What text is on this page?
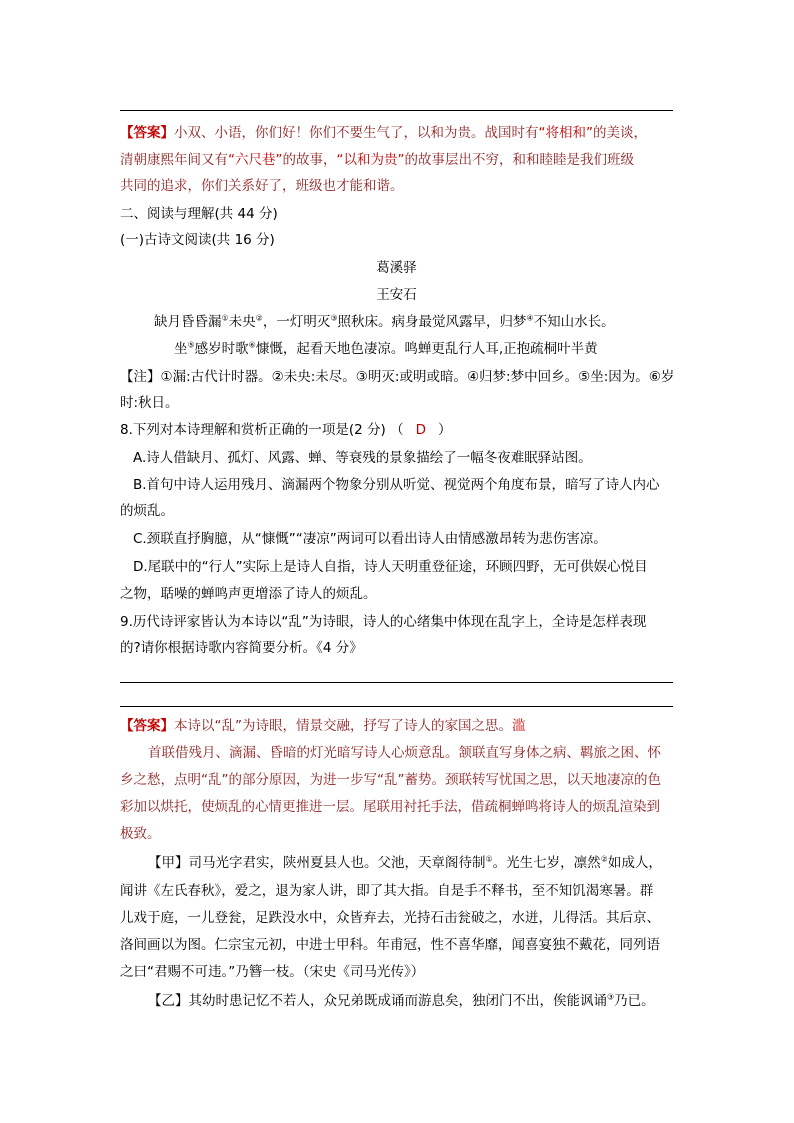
【答案】小双、小语，你们好！你们不要生气了，以和为贵。战国时有“将相和”的美谈，
清朝康熙年间又有“六尺巷”的故事，“以和为贵”的故事层出不穷，和和睦睦是我们班级
共同的追求，你们关系好了，班级也才能和谐。
二、阅读与理解(共 44 分)
(一)古诗文阅读(共 16 分)
葛溪驿
王安石
缺月昏昏漏①未央②，一灯明灭③照秋床。病身最觉风露早，归梦④不知山水长。
坐⑤感岁时歌⑥慷慨，起看天地色凄凉。鸣蝉更乱行人耳,正抱疏桐叶半黄
【注】①漏:古代计时器。②未央:未尽。③明灭:或明或暗。④归梦:梦中回乡。⑤坐:因为。⑥岁
时:秋日。
8.下列对本诗理解和赏析正确的一项是(2 分) （ D ）
A.诗人借缺月、孤灯、风露、蝉、等衰残的景象描绘了一幅冬夜难眠驿站图。
B.首句中诗人运用残月、滴漏两个物象分别从听觉、视觉两个角度布景，暗写了诗人内心
的烦乱。
C.颈联直抒胸臆，从“慷慨”“凄凉”两词可以看出诗人由情感激昂转为悲伤害凉。
D.尾联中的“行人”实际上是诗人自指，诗人天明重登征途，环顾四野，无可供娱心悦目
之物，聒噪的蝉鸣声更增添了诗人的烦乱。
9.历代诗评家皆认为本诗以“乱”为诗眼，诗人的心绪集中体现在乱字上，全诗是怎样表现
的?请你根据诗歌内容简要分析。《4 分》
【答案】本诗以“乱”为诗眼，情景交融，抒写了诗人的家国之思。滥
首联借残月、滴漏、昏暗的灯光暗写诗人心烦意乱。颔联直写身体之病、羁旅之困、怀
乡之愁，点明“乱”的部分原因，为进一步写“乱”蓄势。颈联转写忧国之思，以天地凄凉的色
彩加以烘托，使烦乱的心情更推进一层。尾联用衬托手法，借疏桐蝉鸣将诗人的烦乱渲染到
极致。
【甲】司马光字君实，陕州夏县人也。父池，天章阁待制①。光生七岁，凛然②如成人，
闻讲《左氏春秋》，爱之，退为家人讲，即了其大指。自是手不释书，至不知饥渴寒暑。群
儿戏于庭，一儿登瓮，足跌没水中，众皆弃去，光持石击瓮破之，水迸，儿得活。其后京、
洛间画以为图。仁宗宝元初，中进士甲科。年甫冠，性不喜华靡，闻喜宴独不戴花，同列语
之曰“君赐不可违。”乃簪一枝。（宋史《司马光传》）
【乙】其幼时患记忆不若人，众兄弟既成诵而游息矣，独闭门不出，俟能讽诵③乃已。
